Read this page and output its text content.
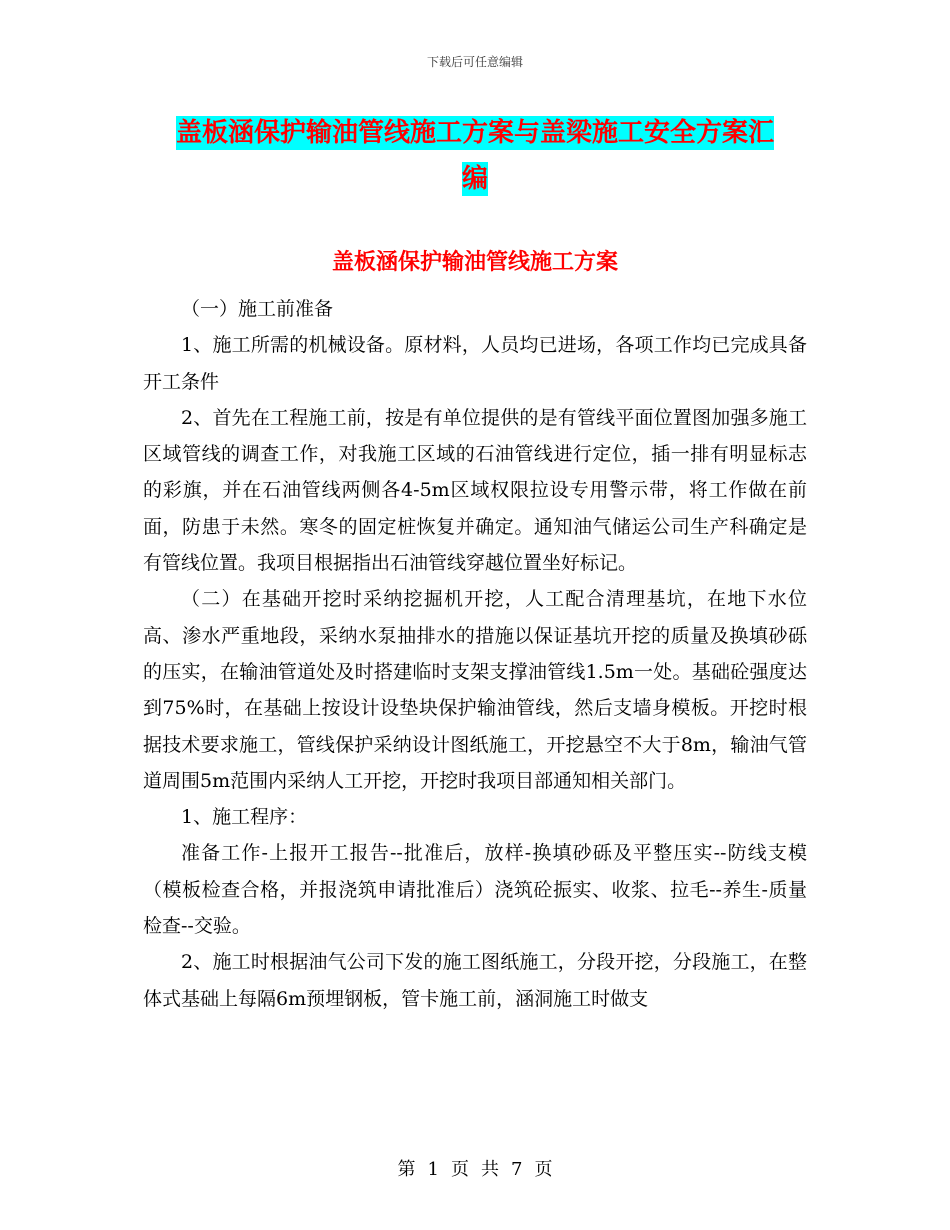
下载后可任意编辑
盖板涵保护输油管线施工方案与盖梁施工安全方案汇
编
盖板涵保护输油管线施工方案

（一）施工前准备

1、施工所需的机械设备。原材料，人员均已进场，各项工作均已完成具备开工条件

2、首先在工程施工前，按是有单位提供的是有管线平面位置图加强多施工区域管线的调查工作，对我施工区域的石油管线进行定位，插一排有明显标志的彩旗，并在石油管线两侧各4-5m区域权限拉设专用警示带，将工作做在前面，防患于未然。寒冬的固定桩恢复并确定。通知油气储运公司生产科确定是有管线位置。我项目根据指出石油管线穿越位置坐好标记。

（二）在基础开挖时采纳挖掘机开挖，人工配合清理基坑，在地下水位高、渗水严重地段，采纳水泵抽排水的措施以保证基坑开挖的质量及换填砂砾的压实，在输油管道处及时搭建临时支架支撑油管线1.5m一处。基础砼强度达到75%时，在基础上按设计设垫块保护输油管线，然后支墙身模板。开挖时根据技术要求施工，管线保护采纳设计图纸施工，开挖悬空不大于8m，输油气管道周围5m范围内采纳人工开挖，开挖时我项目部通知相关部门。

1、施工程序：

准备工作-上报开工报告--批准后，放样-换填砂砾及平整压实--防线支模（模板检查合格，并报浇筑申请批准后）浇筑砼振实、收浆、拉毛--养生-质量检查--交验。

2、施工时根据油气公司下发的施工图纸施工，分段开挖，分段施工，在整体式基础上每隔6m预埋钢板，管卡施工前，涵洞施工时做支

第 1 页 共 7 页
